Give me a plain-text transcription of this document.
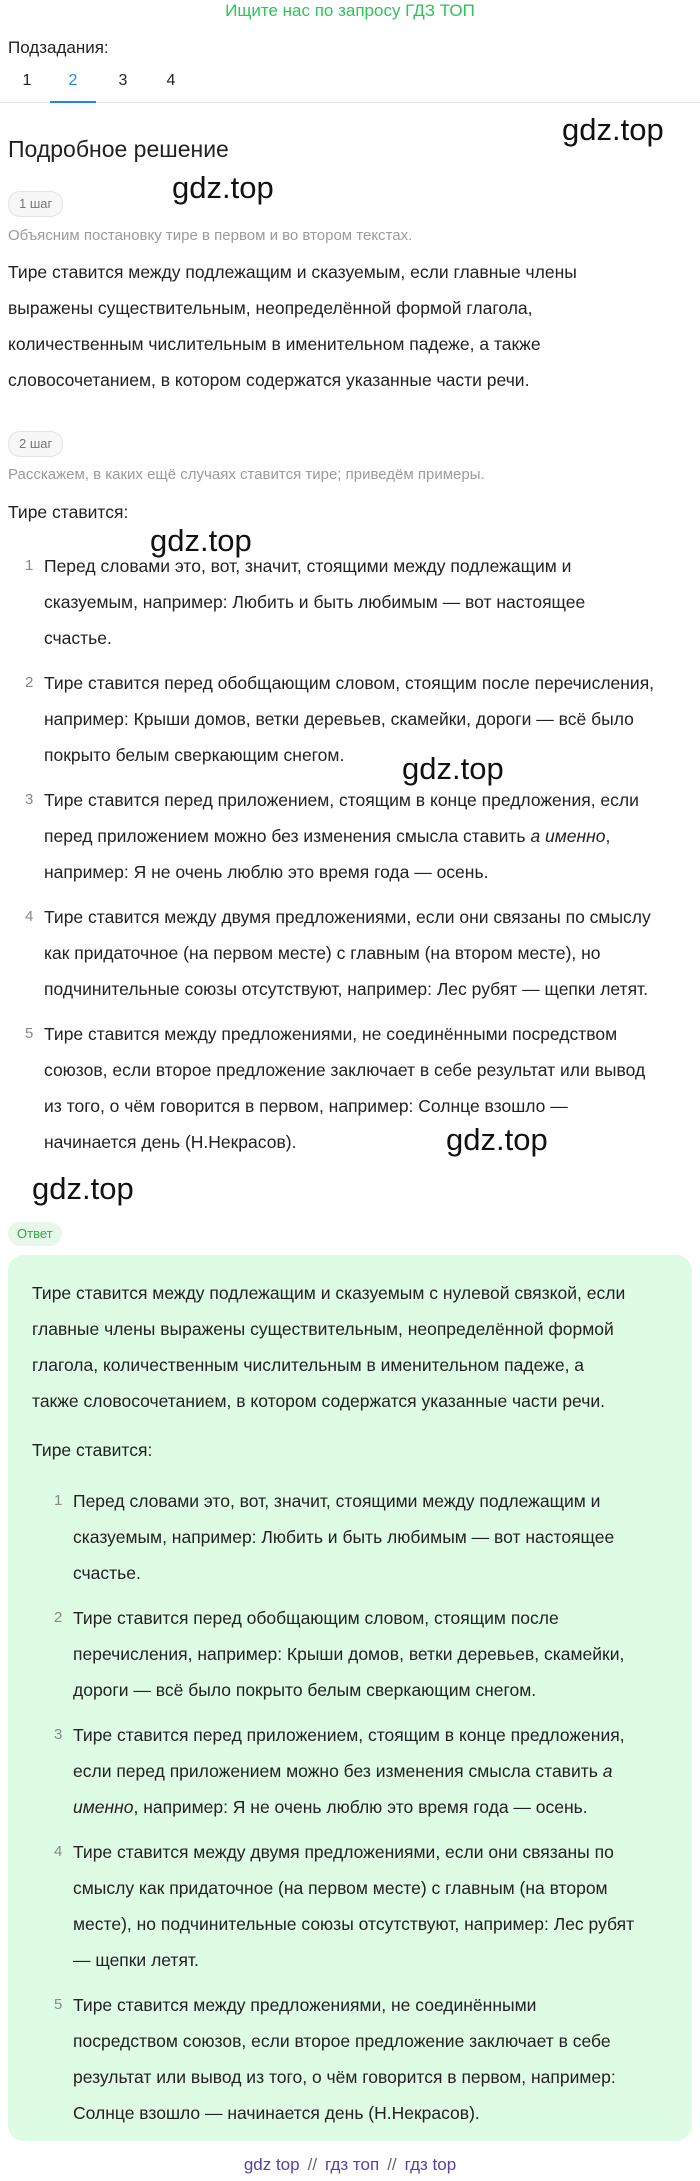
Ищите нас по запросу ГДЗ ТОП
Подзадания:
1	2	3	4
gdz.top
gdz.top
gdz.top
gdz.top
gdz.top
gdz.top
Подробное решение
1 шаг
Объясним постановку тире в первом и во втором текстах.
Тире ставится между подлежащим и сказуемым, если главные члены
выражены существительным, неопределённой формой глагола,
количественным числительным в именительном падеже, а также
словосочетанием, в котором содержатся указанные части речи.
2 шаг
Расскажем, в каких ещё случаях ставится тире; приведём примеры.
Тире ставится:
1 Перед словами это, вот, значит, стоящими между подлежащим и
сказуемым, например: Любить и быть любимым — вот настоящее
счастье.
2 Тире ставится перед обобщающим словом, стоящим после перечисления,
например: Крыши домов, ветки деревьев, скамейки, дороги — всё было
покрыто белым сверкающим снегом.
3 Тире ставится перед приложением, стоящим в конце предложения, если
перед приложением можно без изменения смысла ставить а именно,
например: Я не очень люблю это время года — осень.
4 Тире ставится между двумя предложениями, если они связаны по смыслу
как придаточное (на первом месте) с главным (на втором месте), но
подчинительные союзы отсутствуют, например: Лес рубят — щепки летят.
5 Тире ставится между предложениями, не соединёнными посредством
союзов, если второе предложение заключает в себе результат или вывод
из того, о чём говорится в первом, например: Солнце взошло —
начинается день (Н.Некрасов).
Ответ
Тире ставится между подлежащим и сказуемым с нулевой связкой, если
главные члены выражены существительным, неопределённой формой
глагола, количественным числительным в именительном падеже, а
также словосочетанием, в котором содержатся указанные части речи.
Тире ставится:
1 Перед словами это, вот, значит, стоящими между подлежащим и
сказуемым, например: Любить и быть любимым — вот настоящее
счастье.
2 Тире ставится перед обобщающим словом, стоящим после
перечисления, например: Крыши домов, ветки деревьев, скамейки,
дороги — всё было покрыто белым сверкающим снегом.
3 Тире ставится перед приложением, стоящим в конце предложения,
если перед приложением можно без изменения смысла ставить а
именно, например: Я не очень люблю это время года — осень.
4 Тире ставится между двумя предложениями, если они связаны по
смыслу как придаточное (на первом месте) с главным (на втором
месте), но подчинительные союзы отсутствуют, например: Лес рубят
— щепки летят.
5 Тире ставится между предложениями, не соединёнными
посредством союзов, если второе предложение заключает в себе
результат или вывод из того, о чём говорится в первом, например:
Солнце взошло — начинается день (Н.Некрасов).
gdz top // гдз топ // гдз top
